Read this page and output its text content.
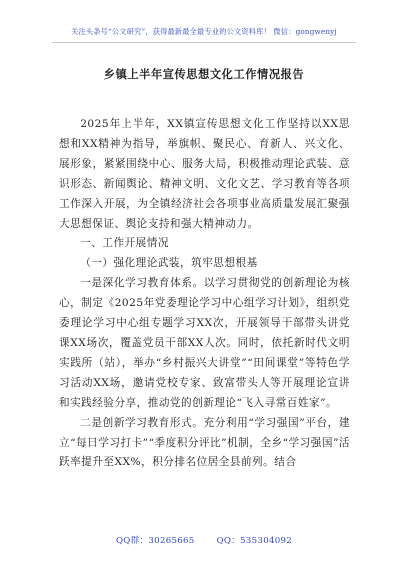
关注头条号“公文研究”，获得最新最全最专业的公文资料库！ 微信：gongwenyj
乡镇上半年宣传思想文化工作情况报告

2025年上半年，XX镇宣传思想文化工作坚持以XX思想和XX精神为指导，举旗帜、聚民心、育新人、兴文化、展形象，紧紧围绕中心、服务大局，积极推动理论武装、意识形态、新闻舆论、精神文明、文化文艺、学习教育等各项工作深入开展，为全镇经济社会各项事业高质量发展汇聚强大思想保证、舆论支持和强大精神动力。

一、工作开展情况

（一）强化理论武装，筑牢思想根基

一是深化学习教育体系。以学习贯彻党的创新理论为核心，制定《2025年党委理论学习中心组学习计划》，组织党委理论学习中心组专题学习XX次，开展领导干部带头讲党课XX场次，覆盖党员干部XX人次。同时，依托新时代文明实践所（站），举办“乡村振兴大讲堂”“田间课堂”等特色学习活动XX场，邀请党校专家、致富带头人等开展理论宣讲和实践经验分享，推动党的创新理论“飞入寻常百姓家”。

二是创新学习教育形式。充分利用“学习强国”平台，建立“每日学习打卡”“季度积分评比”机制，全乡“学习强国”活跃率提升至XX%，积分排名位居全县前列。结合

QQ群：30265665	QQ：535304092
